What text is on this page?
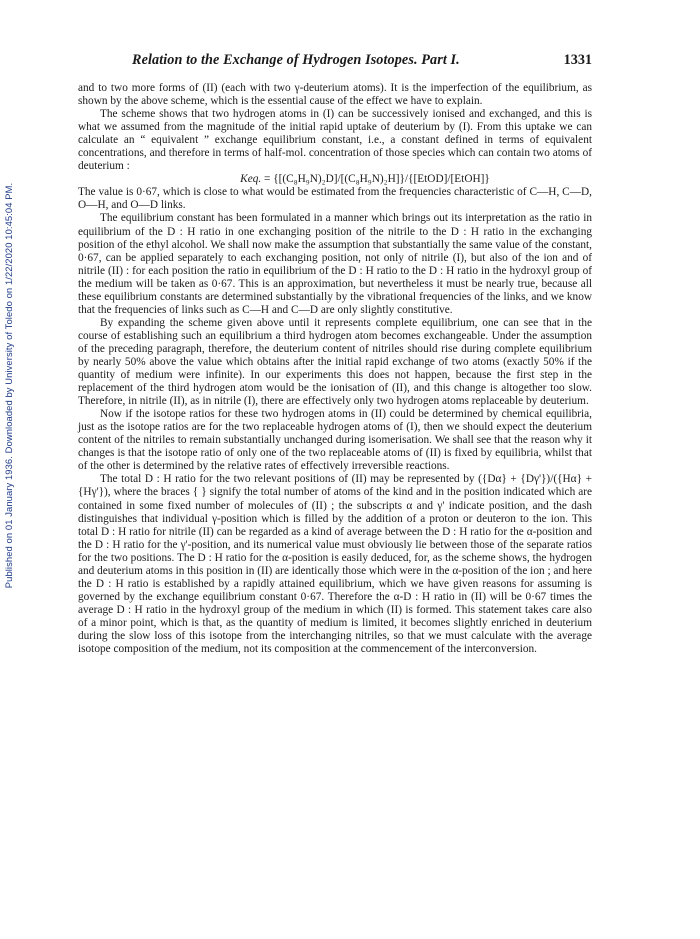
Published on 01 January 1936. Downloaded by University of Toledo on 1/22/2020 10:45:04 PM.
Relation to the Exchange of Hydrogen Isotopes. Part I.	1331

and to two more forms of (II) (each with two γ-deuterium atoms). It is the imperfection of the equilibrium, as shown by the above scheme, which is the essential cause of the effect we have to explain.

The scheme shows that two hydrogen atoms in (I) can be successively ionised and exchanged, and this is what we assumed from the magnitude of the initial rapid uptake of deuterium by (I). From this uptake we can calculate an “ equivalent ” exchange equilibrium constant, i.e., a constant defined in terms of equivalent concentrations, and therefore in terms of half-mol. concentration of those species which can contain two atoms of deuterium :

Keq. = {[(C₈H₉N)₂D]/[(C₈H₉N)₂H]}/{[EtOD]/[EtOH]}

The value is 0·67, which is close to what would be estimated from the frequencies characteristic of C—H, C—D, O—H, and O—D links.

The equilibrium constant has been formulated in a manner which brings out its interpretation as the ratio in equilibrium of the D : H ratio in one exchanging position of the nitrile to the D : H ratio in the exchanging position of the ethyl alcohol. We shall now make the assumption that substantially the same value of the constant, 0·67, can be applied separately to each exchanging position, not only of nitrile (I), but also of the ion and of nitrile (II) : for each position the ratio in equilibrium of the D : H ratio to the D : H ratio in the hydroxyl group of the medium will be taken as 0·67. This is an approximation, but nevertheless it must be nearly true, because all these equilibrium constants are determined substantially by the vibrational frequencies of the links, and we know that the frequencies of links such as C—H and C—D are only slightly constitutive.

By expanding the scheme given above until it represents complete equilibrium, one can see that in the course of establishing such an equilibrium a third hydrogen atom becomes exchangeable. Under the assumption of the preceding paragraph, therefore, the deuterium content of nitriles should rise during complete equilibrium by nearly 50% above the value which obtains after the initial rapid exchange of two atoms (exactly 50% if the quantity of medium were infinite). In our experiments this does not happen, because the first step in the replacement of the third hydrogen atom would be the ionisation of (II), and this change is altogether too slow. Therefore, in nitrile (II), as in nitrile (I), there are effectively only two hydrogen atoms replaceable by deuterium.

Now if the isotope ratios for these two hydrogen atoms in (II) could be determined by chemical equilibria, just as the isotope ratios are for the two replaceable hydrogen atoms of (I), then we should expect the deuterium content of the nitriles to remain substantially unchanged during isomerisation. We shall see that the reason why it changes is that the isotope ratio of only one of the two replaceable atoms of (II) is fixed by equilibria, whilst that of the other is determined by the relative rates of effectively irreversible reactions.

The total D : H ratio for the two relevant positions of (II) may be represented by ({Dα} + {Dγ'})/({Hα} + {Hγ'}), where the braces { } signify the total number of atoms of the kind and in the position indicated which are contained in some fixed number of molecules of (II) ; the subscripts α and γ' indicate position, and the dash distinguishes that individual γ-position which is filled by the addition of a proton or deuteron to the ion. This total D : H ratio for nitrile (II) can be regarded as a kind of average between the D : H ratio for the α-position and the D : H ratio for the γ'-position, and its numerical value must obviously lie between those of the separate ratios for the two positions. The D : H ratio for the α-position is easily deduced, for, as the scheme shows, the hydrogen and deuterium atoms in this position in (II) are identically those which were in the α-position of the ion ; and here the D : H ratio is established by a rapidly attained equilibrium, which we have given reasons for assuming is governed by the exchange equilibrium constant 0·67. Therefore the α-D : H ratio in (II) will be 0·67 times the average D : H ratio in the hydroxyl group of the medium in which (II) is formed. This statement takes care also of a minor point, which is that, as the quantity of medium is limited, it becomes slightly enriched in deuterium during the slow loss of this isotope from the interchanging nitriles, so that we must calculate with the average isotope composition of the medium, not its composition at the commencement of the interconversion.
